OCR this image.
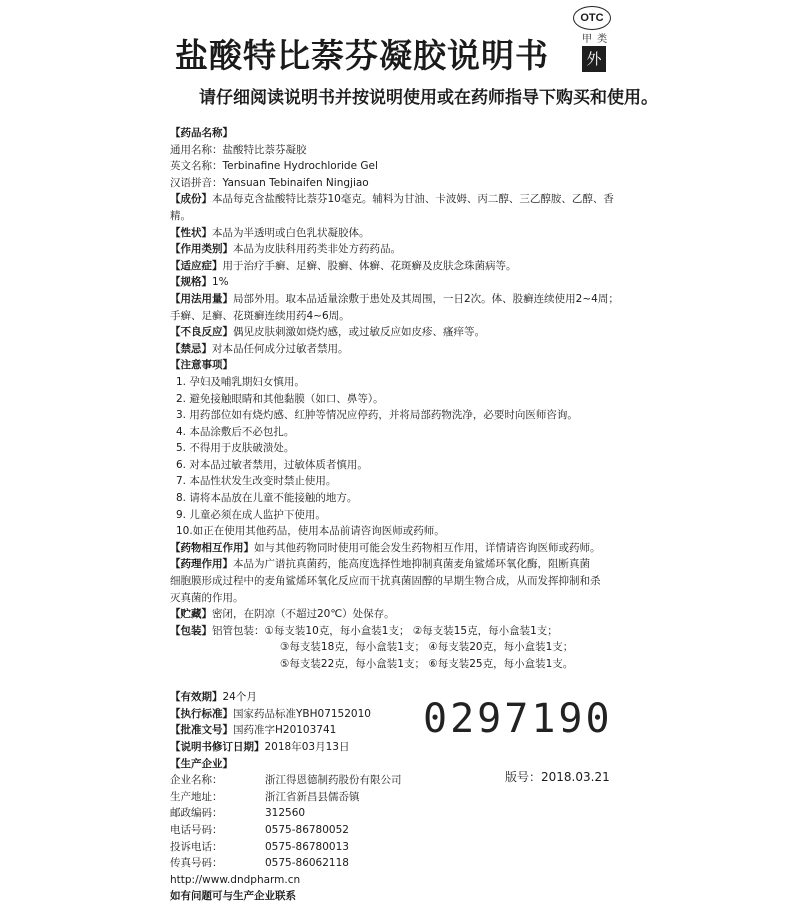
OTC
甲 类
外
盐酸特比萘芬凝胶说明书
请仔细阅读说明书并按说明使用或在药师指导下购买和使用。
【药品名称】
通用名称：盐酸特比萘芬凝胶
英文名称：Terbinafine Hydrochloride Gel
汉语拼音：Yansuan Tebinaifen Ningjiao
【成份】本品每克含盐酸特比萘芬10毫克。辅料为甘油、卡波姆、丙二醇、三乙醇胺、乙醇、香精。
【性状】本品为半透明或白色乳状凝胶体。
【作用类别】本品为皮肤科用药类非处方药药品。
【适应症】用于治疗手癣、足癣、股癣、体癣、花斑癣及皮肤念珠菌病等。
【规格】1%
【用法用量】局部外用。取本品适量涂敷于患处及其周围，一日2次。体、股癣连续使用2~4周；
手癣、足癣、花斑癣连续用药4~6周。
【不良反应】偶见皮肤刺激如烧灼感，或过敏反应如皮疹、瘙痒等。
【禁忌】对本品任何成分过敏者禁用。
【注意事项】
1. 孕妇及哺乳期妇女慎用。
2. 避免接触眼睛和其他黏膜（如口、鼻等）。
3. 用药部位如有烧灼感、红肿等情况应停药，并将局部药物洗净，必要时向医师咨询。
4. 本品涂敷后不必包扎。
5. 不得用于皮肤破溃处。
6. 对本品过敏者禁用，过敏体质者慎用。
7. 本品性状发生改变时禁止使用。
8. 请将本品放在儿童不能接触的地方。
9. 儿童必须在成人监护下使用。
10.如正在使用其他药品，使用本品前请咨询医师或药师。
【药物相互作用】如与其他药物同时使用可能会发生药物相互作用，详情请咨询医师或药师。
【药理作用】本品为广谱抗真菌药，能高度选择性地抑制真菌麦角鲨烯环氧化酶，阻断真菌
细胞膜形成过程中的麦角鲨烯环氧化反应而干扰真菌固醇的早期生物合成，从而发挥抑制和杀
灭真菌的作用。
【贮藏】密闭，在阴凉（不超过20℃）处保存。
【包装】铝管包装：①每支装10克，每小盒装1支； ②每支装15克，每小盒装1支；
③每支装18克，每小盒装1支； ④每支装20克，每小盒装1支；
⑤每支装22克，每小盒装1支； ⑥每支装25克，每小盒装1支。
【有效期】24个月
【执行标准】国家药品标准YBH07152010
【批准文号】国药准字H20103741
【说明书修订日期】2018年03月13日
【生产企业】
企业名称：	浙江得恩德制药股份有限公司
生产地址：	浙江省新昌县儒岙镇
邮政编码：	312560
电话号码：	0575-86780052
投诉电话：	0575-86780013
传真号码：	0575-86062118
http://www.dndpharm.cn
如有问题可与生产企业联系
0297190
版号：2018.03.21
